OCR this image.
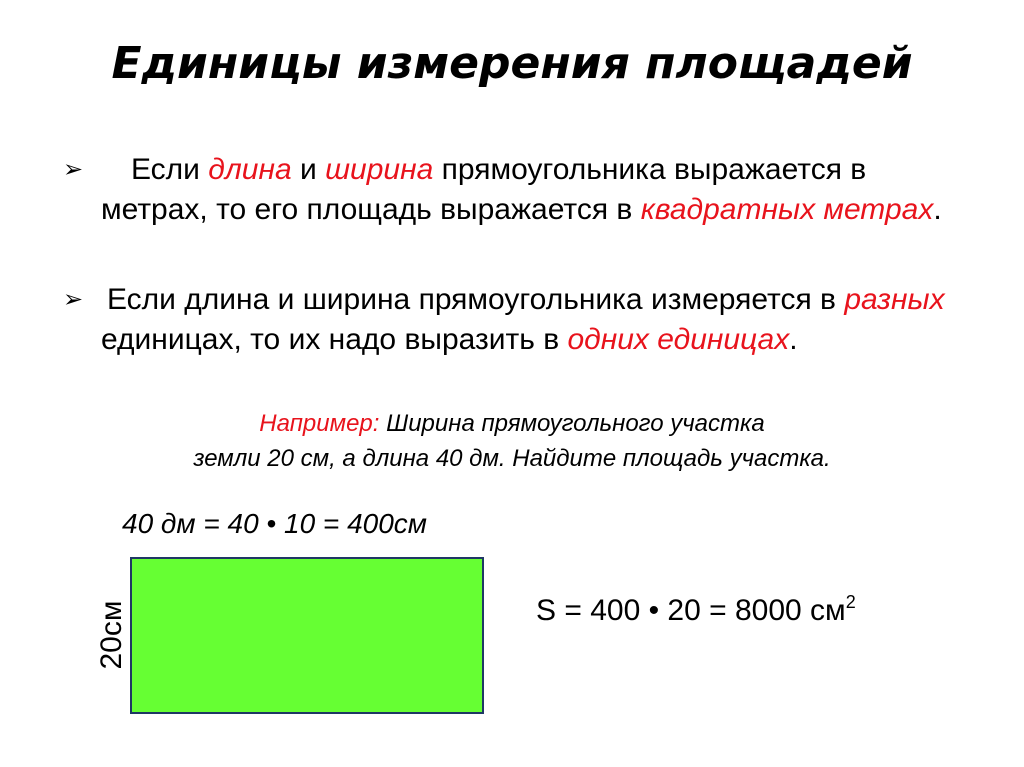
Единицы измерения площадей
➢	Если длина и ширина прямоугольника выражается в метрах, то его площадь выражается в квадратных метрах.
➢ Если длина и ширина прямоугольника измеряется в разных единицах, то их надо выразить в одних единицах.
Например: Ширина прямоугольного участка
земли 20 см, а длина 40 дм. Найдите площадь участка.
40 дм = 40 • 10 = 400см
20см	S = 400 • 20 = 8000 $см^2$
